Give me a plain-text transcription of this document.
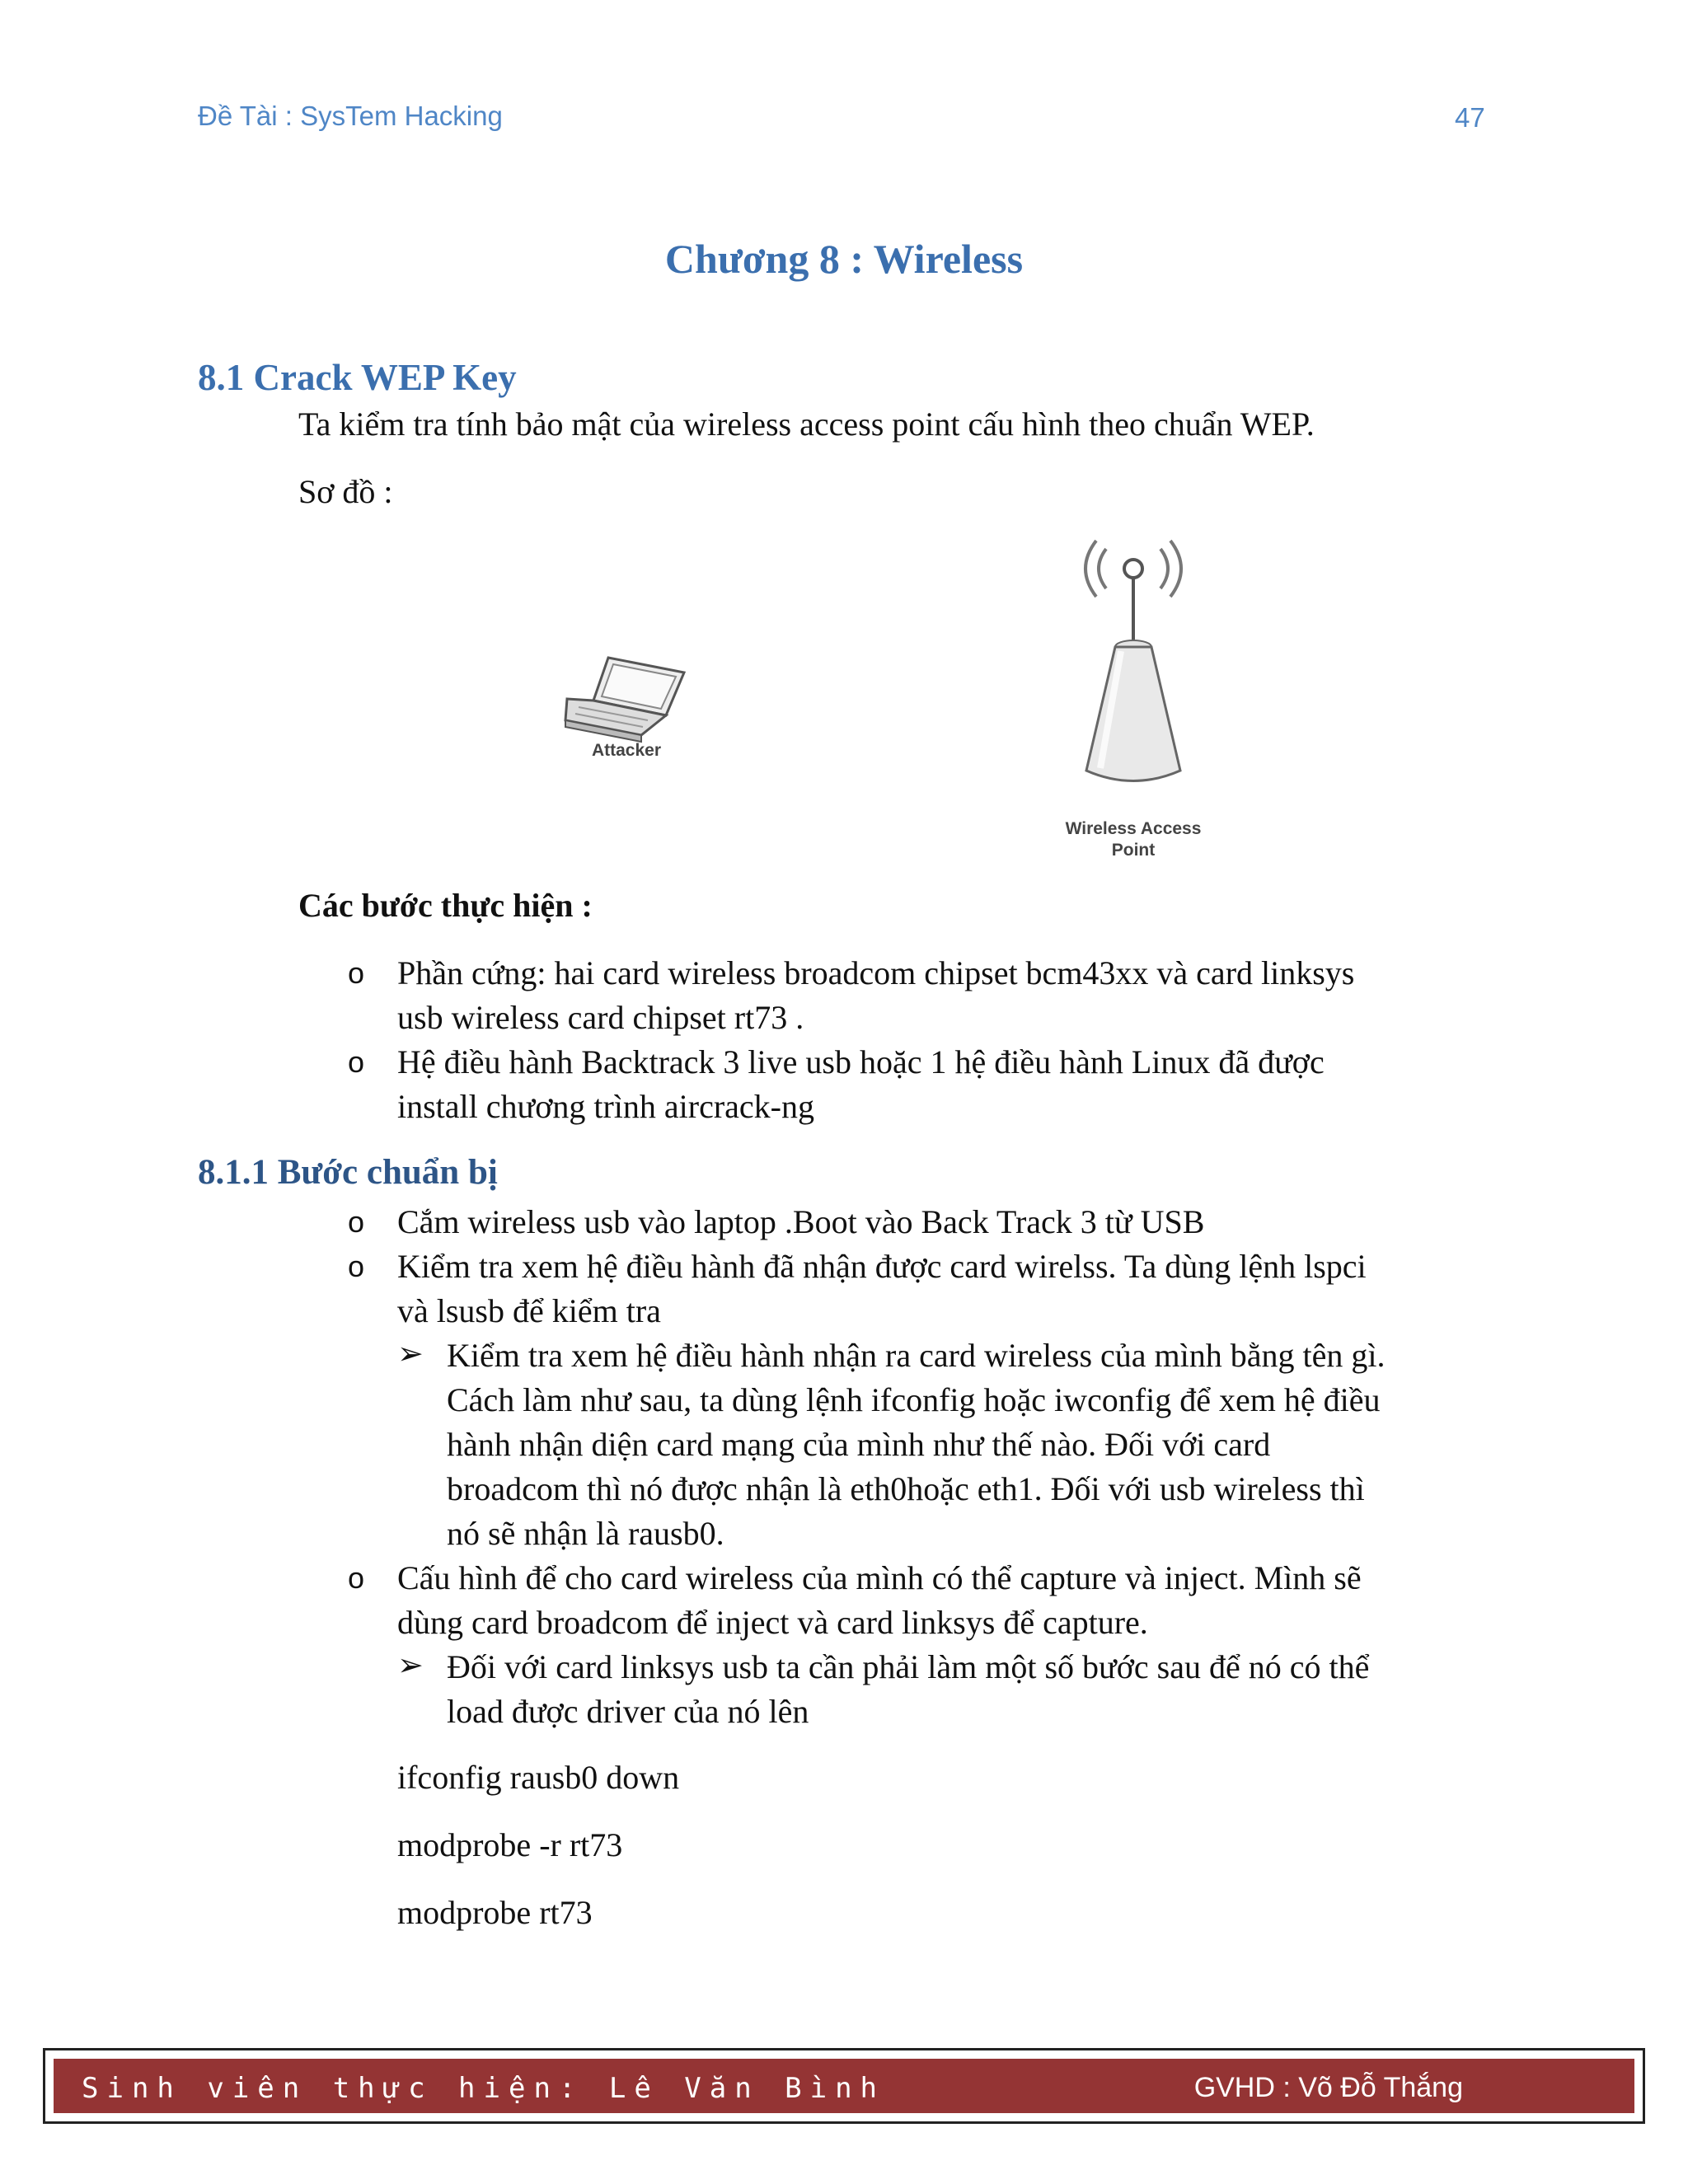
Đề Tài : SysTem Hacking	47
Chương 8 : Wireless
8.1 Crack WEP Key
Ta kiểm tra tính bảo mật của wireless access point cấu hình theo chuẩn WEP.
Sơ đồ :
Attacker
Wireless Access
Point
Các bước thực hiện :
o Phần cứng: hai card wireless broadcom chipset bcm43xx và card linksys
usb wireless card chipset rt73 .
o Hệ điều hành Backtrack 3 live usb hoặc 1 hệ điều hành Linux đã được
install chương trình aircrack-ng
8.1.1 Bước chuẩn bị
o Cắm wireless usb vào laptop .Boot vào Back Track 3 từ USB
o Kiểm tra xem hệ điều hành đã nhận được card wirelss. Ta dùng lệnh lspci
và lsusb để kiểm tra
➢ Kiểm tra xem hệ điều hành nhận ra card wireless của mình bằng tên gì.
Cách làm như sau, ta dùng lệnh ifconfig hoặc iwconfig để xem hệ điều
hành nhận diện card mạng của mình như thế nào. Đối với card
broadcom thì nó được nhận là eth0hoặc eth1. Đối với usb wireless thì
nó sẽ nhận là rausb0.
o Cấu hình để cho card wireless của mình có thể capture và inject. Mình sẽ
dùng card broadcom để inject và card linksys để capture.
➢ Đối với card linksys usb ta cần phải làm một số bước sau để nó có thể
load được driver của nó lên
ifconfig rausb0 down
modprobe -r rt73
modprobe rt73
Sinh viên thực hiện: Lê Văn Bình	GVHD : Võ Đỗ Thắng
